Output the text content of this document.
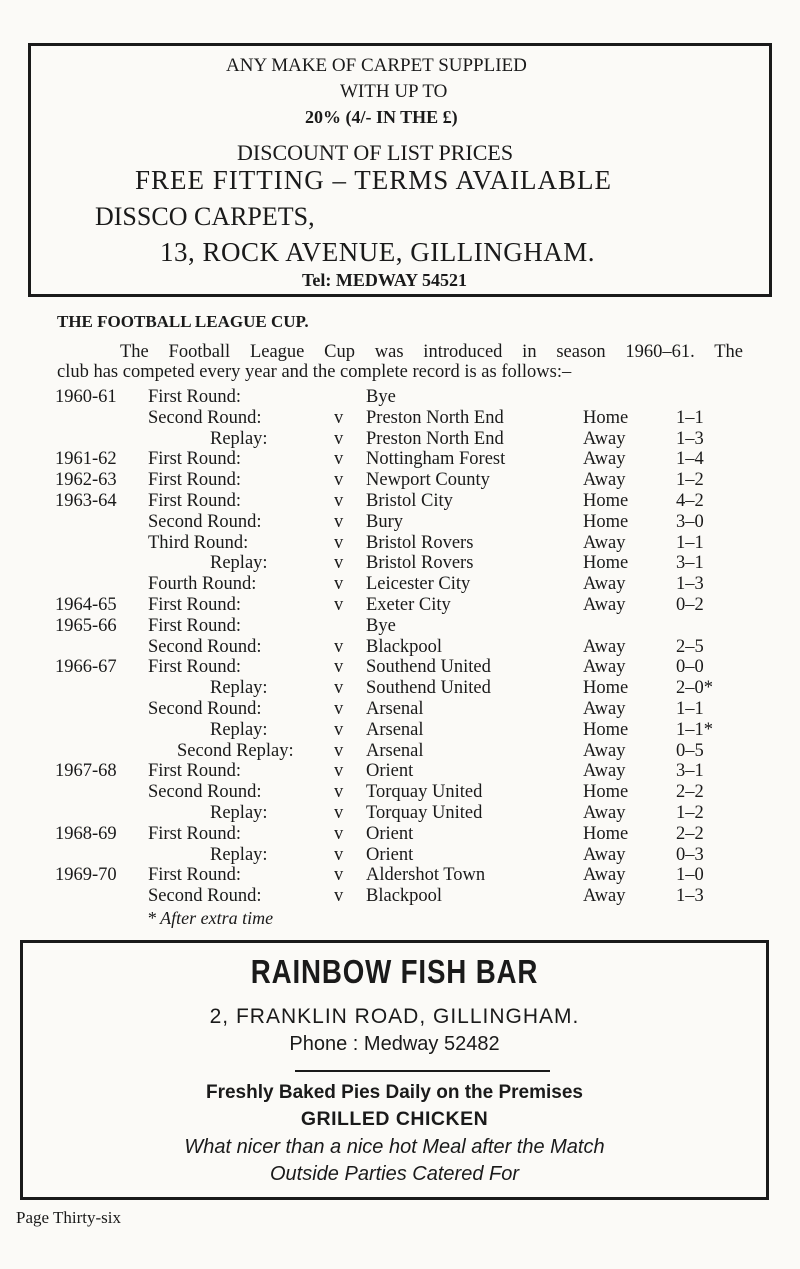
ANY MAKE OF CARPET SUPPLIED
WITH UP TO
20% (4/- IN THE £)
DISCOUNT OF LIST PRICES
FREE FITTING – TERMS AVAILABLE
DISSCO CARPETS,
13, ROCK AVENUE, GILLINGHAM.
Tel: MEDWAY 54521
THE FOOTBALL LEAGUE CUP.

The Football League Cup was introduced in season 1960–61. The

club has competed every year and the complete record is as follows:–

1960-61 First Round:	Bye
Second Round:	v Preston North End	Home	1–1
Replay:	v Preston North End	Away	1–3
1961-62 First Round:	v Nottingham Forest	Away	1–4
1962-63 First Round:	v Newport County	Away	1–2
1963-64 First Round:	v Bristol City	Home	4–2
Second Round:	v Bury	Home	3–0
Third Round:	v Bristol Rovers	Away	1–1
Replay:	v Bristol Rovers	Home	3–1
Fourth Round:	v Leicester City	Away	1–3
1964-65 First Round:	v Exeter City	Away	0–2
1965-66 First Round:	Bye
Second Round:	v Blackpool	Away	2–5
1966-67 First Round:	v Southend United	Away	0–0
Replay:	v Southend United	Home	2–0*
Second Round:	v Arsenal	Away	1–1
Replay:	v Arsenal	Home	1–1*
Second Replay: v Arsenal	Away	0–5
1967-68 First Round:	v Orient	Away	3–1
Second Round:	v Torquay United	Home	2–2
Replay:	v Torquay United	Away	1–2
1968-69 First Round:	v Orient	Home	2–2
Replay:	v Orient	Away	0–3
1969-70 First Round:	v Aldershot Town	Away	1–0
Second Round:	v Blackpool	Away	1–3
* After extra time
RAINBOW FISH BAR
2, FRANKLIN ROAD, GILLINGHAM.
Phone : Medway 52482
Freshly Baked Pies Daily on the Premises
GRILLED CHICKEN
What nicer than a nice hot Meal after the Match
Outside Parties Catered For
Page Thirty-six
